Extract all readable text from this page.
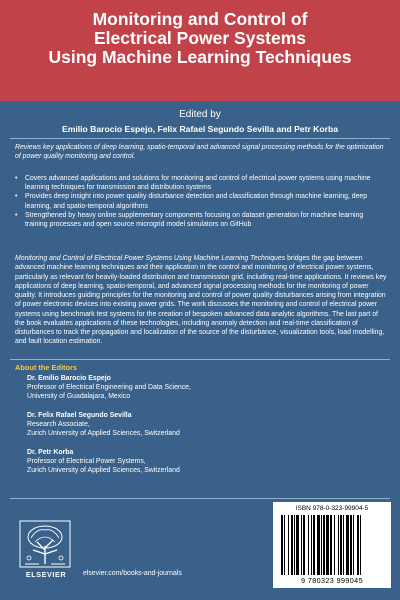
Monitoring and Control of
Electrical Power Systems
Using Machine Learning Techniques
Edited by
Emilio Barocio Espejo, Felix Rafael Segundo Sevilla and Petr Korba
Reviews key applications of deep learning, spatio-temporal and advanced signal processing methods for the optimization of power quality monitoring and control.
• Covers advanced applications and solutions for monitoring and control of electrical power systems using machine learning techniques for transmission and distribution systems
• Provides deep insight into power quality disturbance detection and classification through machine learning, deep learning, and spatio-temporal algorithms
• Strengthened by heavy online supplementary components focusing on dataset generation for machine learning training processes and open source microgrid model simulators on GitHub
Monitoring and Control of Electrical Power Systems Using Machine Learning Techniques bridges the gap between advanced machine learning techniques and their application in the control and monitoring of electrical power systems, particularly as relevant for heavily-loaded distribution and transmission grid, including real-time applications. It reviews key applications of deep learning, spatio-temporal, and advanced signal processing methods for the monitoring of power quality. It introduces guiding principles for the monitoring and control of power quality disturbances arising from integration of power electronic devices into existing power grids. The work discusses the monitoring and control of electrical power systems using benchmark test systems for the creation of bespoken advanced data analytic algorithms. The last part of the book evaluates applications of these technologies, including anomaly detection and real-time classification of disturbances to track the propagation and localization of the source of the disturbance, visualization tools, load modelling, and fault location estimation.
About the Editors
Dr. Emilio Barocio Espejo
Professor of Electrical Engineering and Data Science,
University of Guadalajara, Mexico
Dr. Felix Rafael Segundo Sevilla
Research Associate,
Zurich University of Applied Sciences, Switzerland
Dr. Petr Korba
Professor of Electrical Power Systems,
Zurich University of Applied Sciences, Switzerland
ELSEVIER	elsevier.com/books-and-journals
ISBN 978-0-323-99904-5
9 780323 999045
